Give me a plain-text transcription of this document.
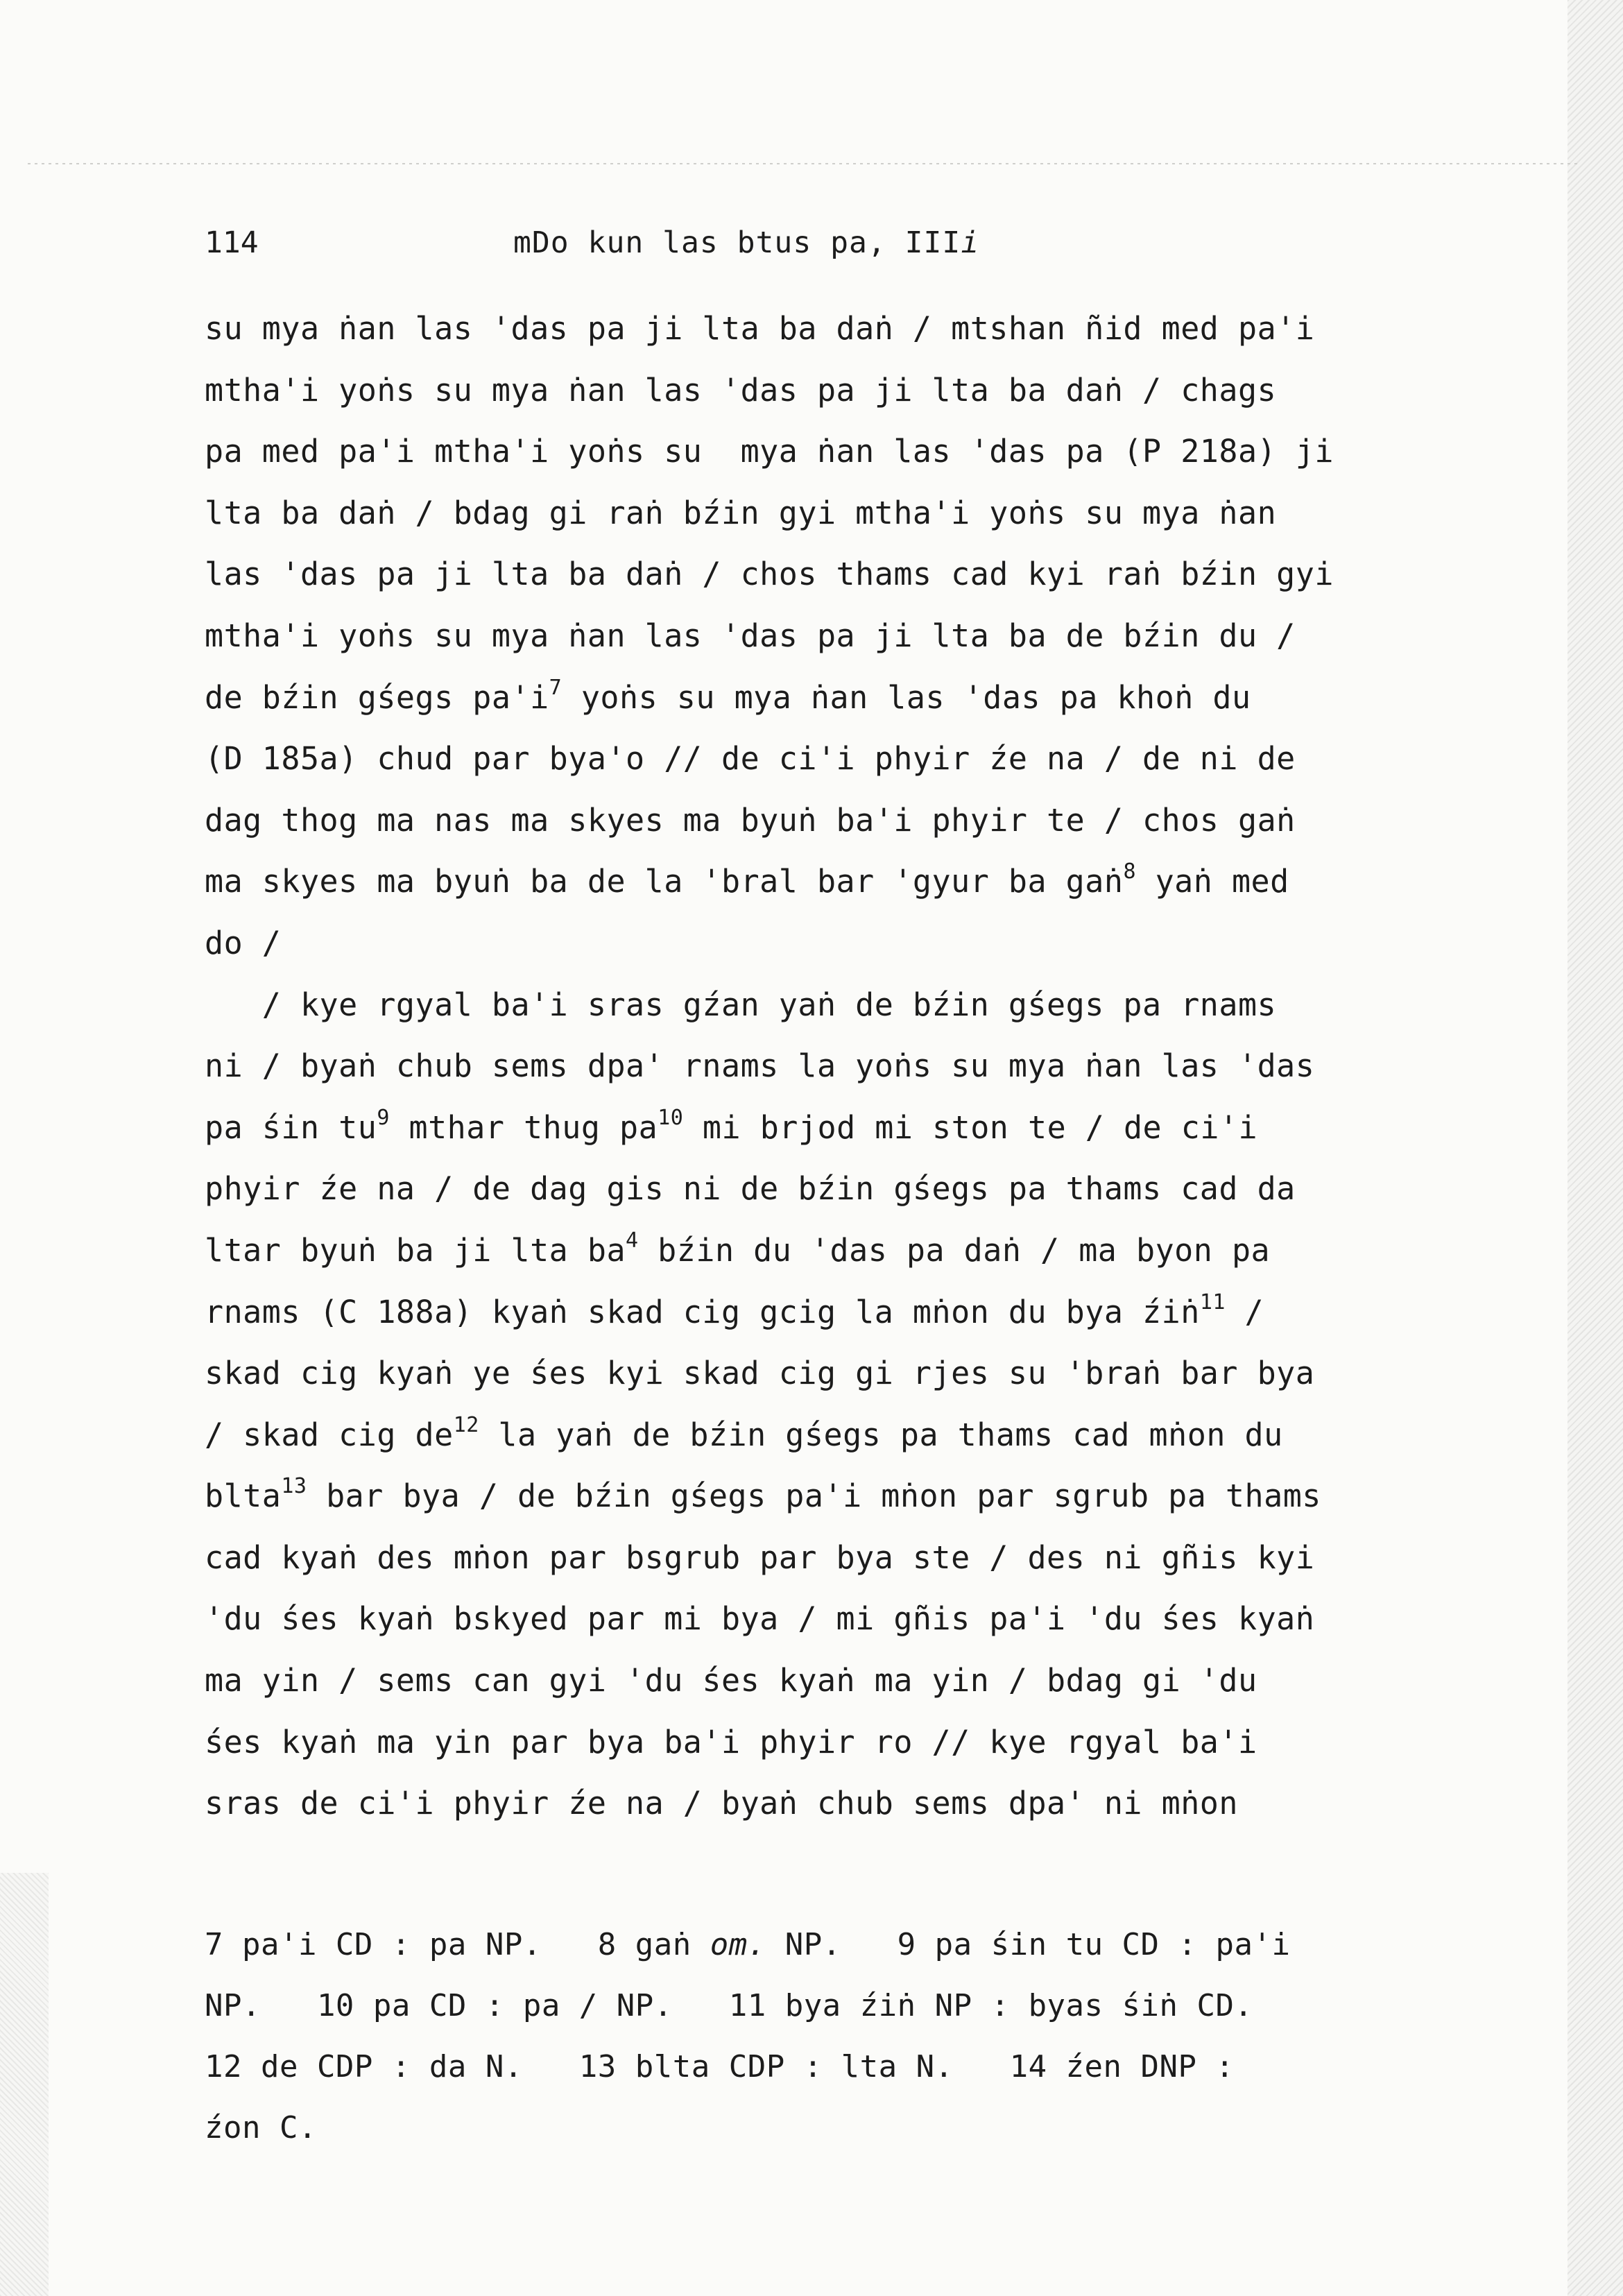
114	mDo kun las btus pa, IIIi
su mya ṅan las 'das pa ji lta ba daṅ / mtshan ñid med pa'i
mtha'i yoṅs su mya ṅan las 'das pa ji lta ba daṅ / chags
pa med pa'i mtha'i yoṅs su  mya ṅan las 'das pa (P 218a) ji
lta ba daṅ / bdag gi raṅ bźin gyi mtha'i yoṅs su mya ṅan
las 'das pa ji lta ba daṅ / chos thams cad kyi raṅ bźin gyi
mtha'i yoṅs su mya ṅan las 'das pa ji lta ba de bźin du /
de bźin gśegs $pa'i^7$ yoṅs su mya ṅan las 'das pa khoṅ du
(D 185a) chud par bya'o // de ci'i phyir źe na / de ni de
dag thog ma nas ma skyes ma byuṅ ba'i phyir te / chos gaṅ
ma skyes ma byuṅ ba de la 'bral bar 'gyur ba gaṅ$^8$ yaṅ med
do /
/ kye rgyal ba'i sras gźan yaṅ de bźin gśegs pa rnams
ni / byaṅ chub sems dpa' rnams la yoṅs su mya ṅan las 'das
pa śin $tu^9$ mthar thug $pa^{10}$ mi brjod mi ston te / de ci'i
phyir źe na / de dag gis ni de bźin gśegs pa thams cad da
ltar byuṅ ba ji lta $ba^4$ bźin du 'das pa daṅ / ma byon pa
rnams (C 188a) kyaṅ skad cig gcig la mṅon du bya źiṅ$^{11}$ /
skad cig kyaṅ ye śes kyi skad cig gi rjes su 'braṅ bar bya
/ skad cig $de^{12}$ la yaṅ de bźin gśegs pa thams cad mṅon du
blta$^{13}$ bar bya / de bźin gśegs pa'i mṅon par sgrub pa thams
cad kyaṅ des mṅon par bsgrub par bya ste / des ni gñis kyi
'du śes kyaṅ bskyed par mi bya / mi gñis pa'i 'du śes kyaṅ
ma yin / sems can gyi 'du śes kyaṅ ma yin / bdag gi 'du
śes kyaṅ ma yin par bya ba'i phyir ro // kye rgyal ba'i
sras de ci'i phyir źe na / byaṅ chub sems dpa' ni mṅon
7 pa'i CD : pa NP.   8 gaṅ om. NP.   9 pa śin tu CD : pa'i
NP.   10 pa CD : pa / NP.   11 bya źiṅ NP : byas śiṅ CD.
12 de CDP : da N.   13 blta CDP : lta N.   14 źen DNP :
źon C.
